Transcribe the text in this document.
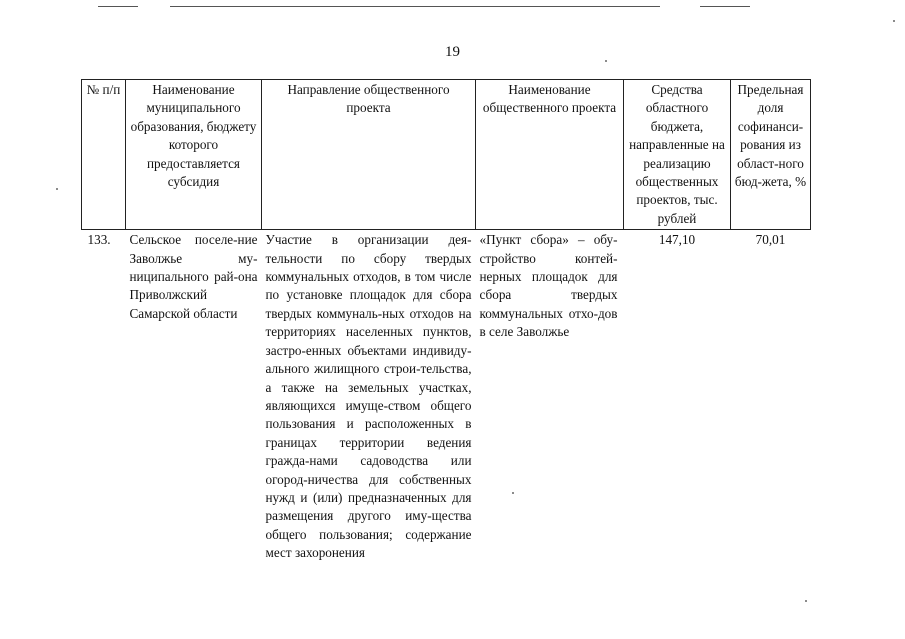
19
№ п/п	Наименование муниципального образования, бюджету которого предоставляется субсидия	Направление общественного проекта	Наименование общественного проекта	Средства областного бюджета, направленные на реализацию общественных проектов, тыс. рублей	Предельная доля софинанси-рования из област-ного бюд-жета, %
133.	Сельское поселе-ние Заволжье му-ниципального рай-она Приволжский Самарской области	Участие в организации дея-тельности по сбору твердых коммунальных отходов, в том числе по установке площадок для сбора твердых коммуналь-ных отходов на территориях населенных пунктов, застро-енных объектами индивиду-ального жилищного строи-тельства, а также на земельных участках, являющихся имуще-ством общего пользования и расположенных в границах территории ведения гражда-нами садоводства или огород-ничества для собственных нужд и (или) предназначенных для размещения другого иму-щества общего пользования; содержание мест захоронения	«Пункт сбора» – обу-стройство контей-нерных площадок для сбора твердых коммунальных отхо-дов в селе Заволжье	147,10	70,01
